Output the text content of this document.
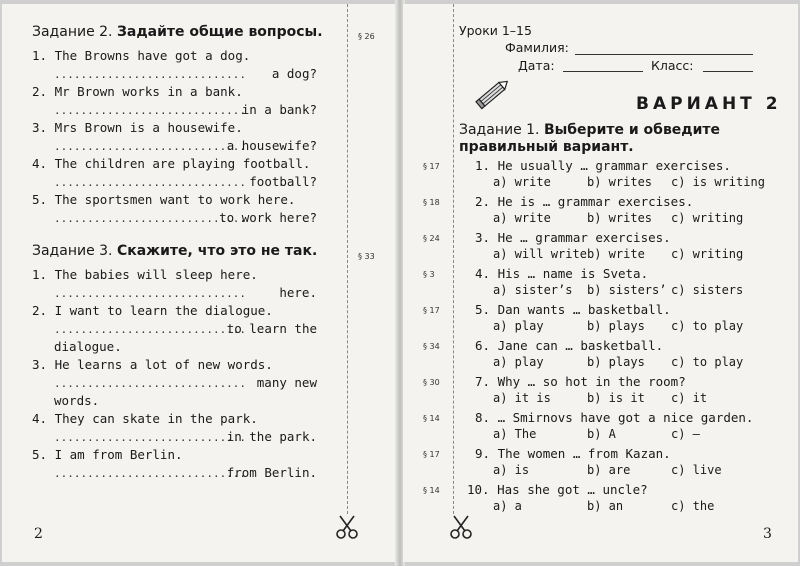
Задание 2. Задайте общие вопросы.	§ 26
1. The Browns have got a dog.
............................. a dog?
2. Mr Brown works in a bank.
.............................
in a bank?
3. Mrs Brown is a housewife.
.............................
a housewife?
4. The children are playing football.
............................. football?
5. The sportsmen want to work here.
.............................
to work here?
Задание 3. Скажите, что это не так.	§ 33
1. The babies will sleep here.
.............................	here.
2. I want to learn the dialogue.
.............................
to learn the
dialogue.
3. He learns a lot of new words.
............................. many new
words.
4. They can skate in the park.
.............................
in the park.
5. I am from Berlin.
.............................
from Berlin.
2
Уроки 1–15
Фамилия:
Дата:	Класс:
ВАРИАНТ 2
Задание 1. Выберите и обведите
правильный вариант.
§ 17	1. He usually … grammar exercises.
a) write	b) writes c) is writing
§ 18	2. He is … grammar exercises.
a) write	b) writes c) writing
§ 24	3. He … grammar exercises.
a) will write b) write c) writing
§ 3	4. His … name is Sveta.
a) sister’s b) sisters’ c) sisters
§ 17	5. Dan wants … basketball.
a) play	b) plays c) to play
§ 34	6. Jane can … basketball.
a) play	b) plays c) to play
§ 30	7. Why … so hot in the room?
a) it is	b) is it c) it
§ 14	8. … Smirnovs have got a nice garden.
a) The	b) A	c) —
§ 17	9. The women … from Kazan.
a) is	b) are	c) live
§ 14 10. Has she got … uncle?
a) a	b) an	c) the
3
